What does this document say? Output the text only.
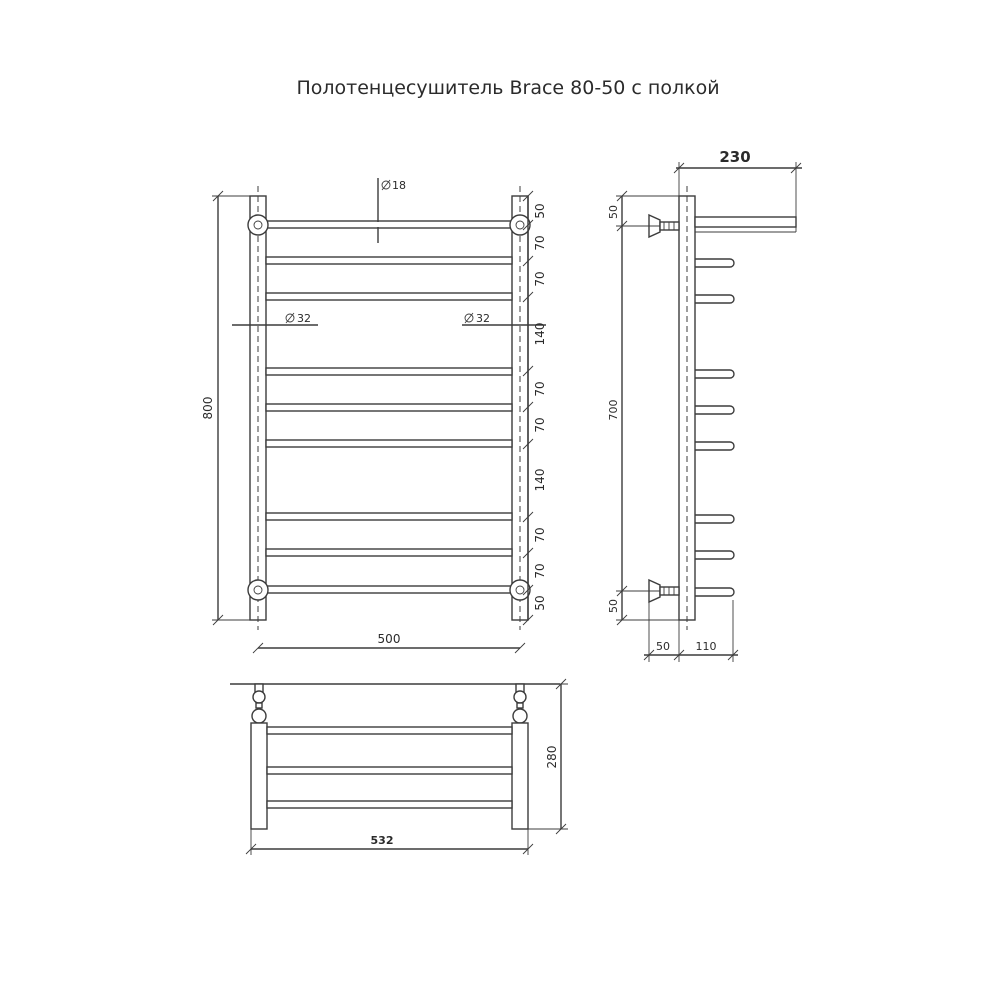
Полотенцесушитель Brace 80-50 с полкой
800
500
18
32	32
50
70
70
140
70
70
140
70
70
50
230
50
700
50
50 110
280
532
